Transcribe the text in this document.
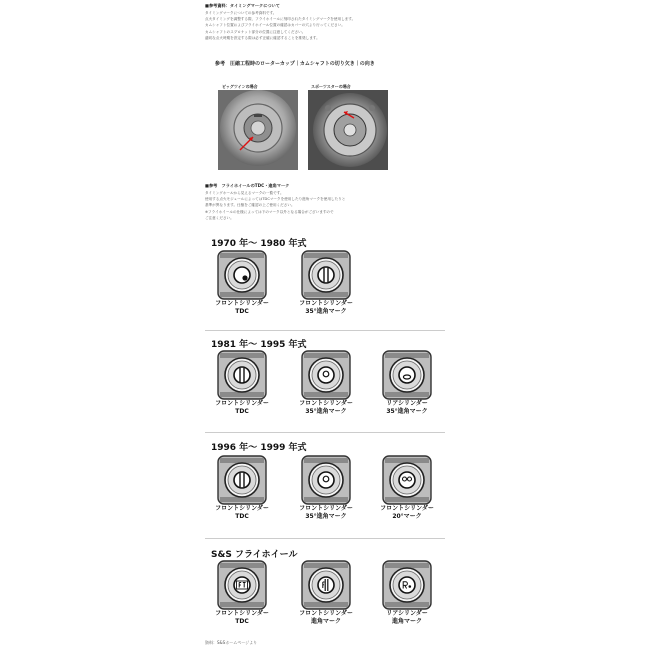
■参考資料：タイミングマークについて
タイミングマークについての参考資料です。
点火タイミングを調整する際、フライホイールに刻印されたタイミングマークを使用します。
カムシャフト位置およびフライホイール位置の確認はカバーの穴より行ってください。
カムシャフトのスプロケット部分の位置に注意してください。
適切な点火時期を設定する際は必ず正確に確認することを推奨します。
参考　圧縮工程時のローターカップ｜カムシャフトの切り欠き｜の向き
ビッグツインの場合	スポーツスターの場合
■参考　フライホイールのTDC・進角マーク
タイミングホールから見えるマークの一覧です。
使用する点火モジュールによってはTDCマークを使用したり進角マークを使用したりと
基準が異なります。仕様をご確認の上ご使用ください。
※フライホイールの仕様によっては下のマーク以外となる場合がございますので
ご注意ください。
1970 年～ 1980 年式
フロントシリンダー
TDC
フロントシリンダー
35°進角マーク
1981 年～ 1995 年式
フロントシリンダー
TDC
フロントシリンダー
35°進角マーク
リアシリンダー
35°進角マーク
1996 年～ 1999 年式
フロントシリンダー
TDC
フロントシリンダー
35°進角マーク
フロントシリンダー
20°マーク
S&S フライホイール
フロントシリンダー
TDC
フロントシリンダー
進角マーク
リアシリンダー
進角マーク
資料：S&Sホームページより
